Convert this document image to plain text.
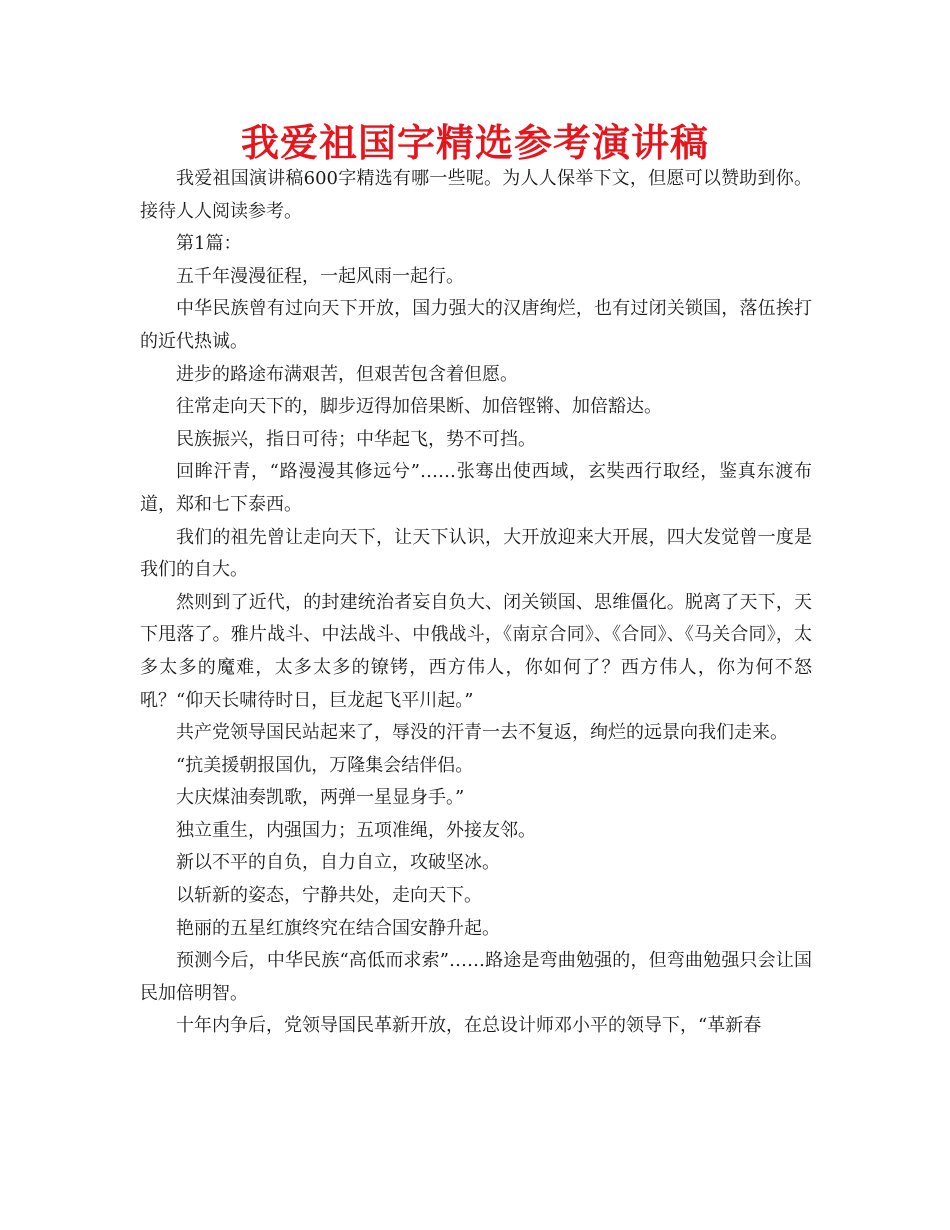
我爱祖国字精选参考演讲稿

我爱祖国演讲稿600字精选有哪一些呢。为人人保举下文，但愿可以赞助到你。接待人人阅读参考。

第1篇：

五千年漫漫征程，一起风雨一起行。

中华民族曾有过向天下开放，国力强大的汉唐绚烂，也有过闭关锁国，落伍挨打的近代热诚。

进步的路途布满艰苦，但艰苦包含着但愿。

往常走向天下的，脚步迈得加倍果断、加倍铿锵、加倍豁达。

民族振兴，指日可待；中华起飞，势不可挡。

回眸汗青，“路漫漫其修远兮”……张骞出使西域，玄奘西行取经，鉴真东渡布道，郑和七下泰西。

我们的祖先曾让走向天下，让天下认识，大开放迎来大开展，四大发觉曾一度是我们的自大。

然则到了近代，的封建统治者妄自负大、闭关锁国、思维僵化。脱离了天下，天下甩落了。雅片战斗、中法战斗、中俄战斗，《南京合同》、《合同》、《马关合同》，太多太多的魔难，太多太多的镣铐，西方伟人，你如何了？西方伟人，你为何不怒吼？“仰天长啸待时日，巨龙起飞平川起。”

共产党领导国民站起来了，辱没的汗青一去不复返，绚烂的远景向我们走来。

“抗美援朝报国仇，万隆集会结伴侣。

大庆煤油奏凯歌，两弹一星显身手。”

独立重生，内强国力；五项准绳，外接友邻。

新以不平的自负，自力自立，攻破坚冰。

以斩新的姿态，宁静共处，走向天下。

艳丽的五星红旗终究在结合国安静升起。

预测今后，中华民族“高低而求索”……路途是弯曲勉强的，但弯曲勉强只会让国民加倍明智。

十年内争后，党领导国民革新开放，在总设计师邓小平的领导下，“革新春
